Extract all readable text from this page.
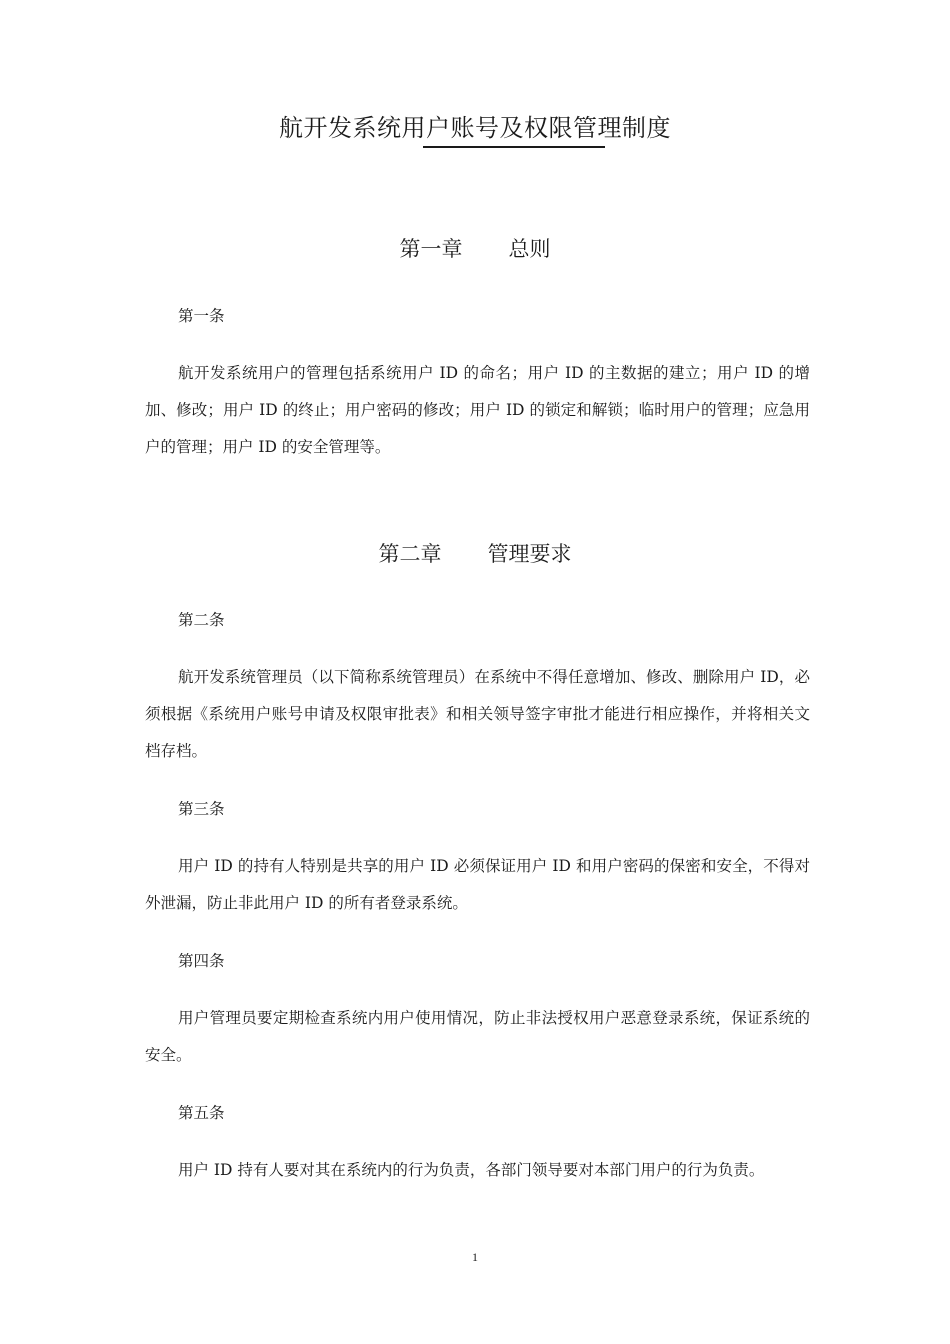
航开发系统用户账号及权限管理制度
第一章 总则
第一条

航开发系统用户的管理包括系统用户 ID 的命名；用户 ID 的主数据的建立；用户 ID 的增加、修改；用户 ID 的终止；用户密码的修改；用户 ID 的锁定和解锁；临时用户的管理；应急用户的管理；用户 ID 的安全管理等。

第二章 管理要求
第二条

航开发系统管理员（以下简称系统管理员）在系统中不得任意增加、修改、删除用户 ID，必须根据《系统用户账号申请及权限审批表》和相关领导签字审批才能进行相应操作，并将相关文档存档。

第三条

用户 ID 的持有人特别是共享的用户 ID 必须保证用户 ID 和用户密码的保密和安全，不得对外泄漏，防止非此用户 ID 的所有者登录系统。

第四条

用户管理员要定期检查系统内用户使用情况，防止非法授权用户恶意登录系统，保证系统的安全。

第五条

用户 ID 持有人要对其在系统内的行为负责，各部门领导要对本部门用户的行为负责。

1
